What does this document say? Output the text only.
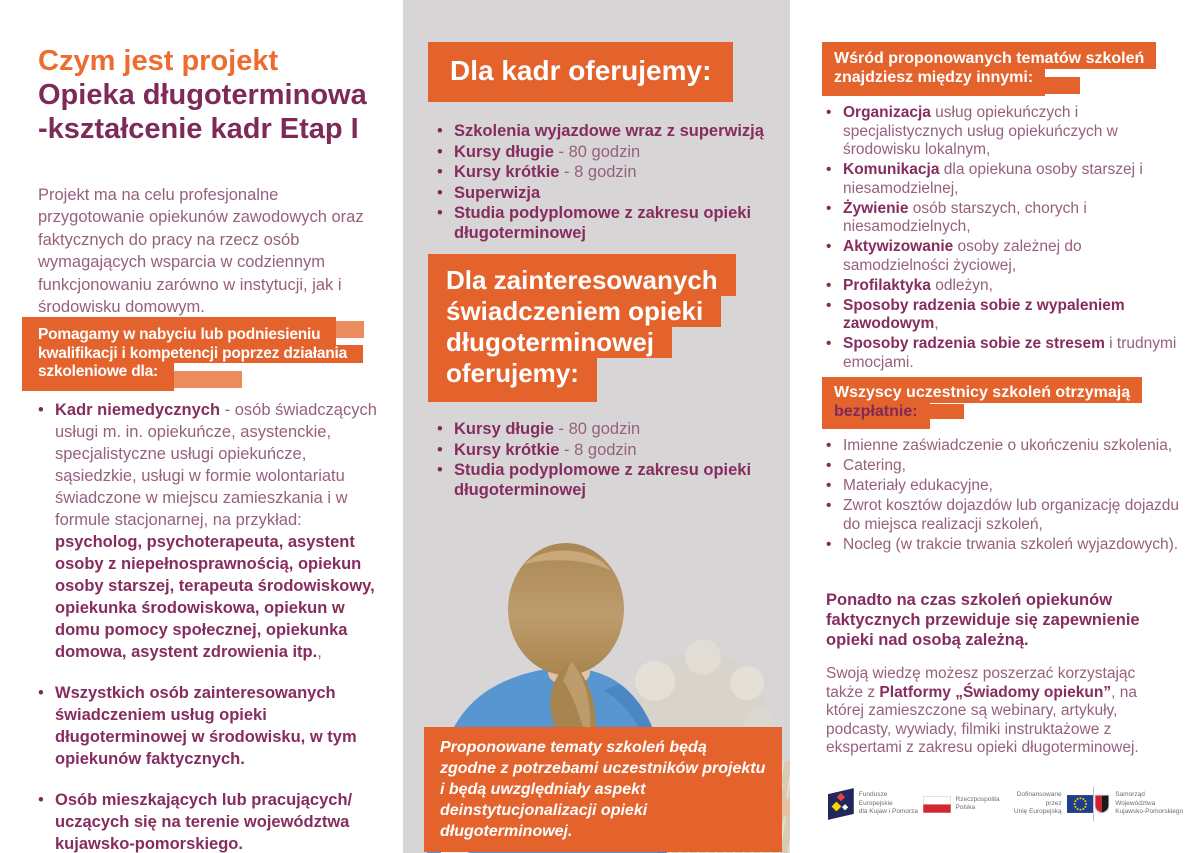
Czym jest projekt
Opieka długoterminowa
-kształcenie kadr Etap I

Projekt ma na celu profesjonalne przygotowanie opiekunów zawodowych oraz faktycznych do pracy na rzecz osób wymagających wsparcia w codziennym funkcjonowaniu zarówno w instytucji, jak i środowisku domowym.

Pomagamy w nabyciu lub podniesieniu
kwalifikacji i kompetencji poprzez działania
szkoleniowe dla:
• Kadr niemedycznych - osób świadczących usługi m. in. opiekuńcze, asystenckie, specjalistyczne usługi opiekuńcze, sąsiedzkie, usługi w formie wolontariatu świadczone w miejscu zamieszkania i w formule stacjonarnej, na przykład: psycholog, psychoterapeuta, asystent osoby z niepełnosprawnością, opiekun osoby starszej, terapeuta środowiskowy, opiekunka środowiskowa, opiekun w domu pomocy społecznej, opiekunka domowa, asystent zdrowienia itp.,
• Wszystkich osób zainteresowanych świadczeniem usług opieki długoterminowej w środowisku, w tym opiekunów faktycznych.
• Osób mieszkających lub pracujących/ uczących się na terenie województwa kujawsko-pomorskiego.
Dla kadr oferujemy:
• Szkolenia wyjazdowe wraz z superwizją
• Kursy długie - 80 godzin
• Kursy krótkie - 8 godzin
• Superwizja
• Studia podyplomowe z zakresu opieki długoterminowej
Dla zainteresowanych
świadczeniem opieki
długoterminowej
oferujemy:
• Kursy długie - 80 godzin
• Kursy krótkie - 8 godzin
• Studia podyplomowe z zakresu opieki długoterminowej
Proponowane tematy szkoleń będą zgodne z potrzebami uczestników projektu i będą uwzględniały aspekt deinstytucjonalizacji opieki długoterminowej.
Wśród proponowanych tematów szkoleń
znajdziesz między innymi:
• Organizacja usług opiekuńczych i specjalistycznych usług opiekuńczych w środowisku lokalnym,
• Komunikacja dla opiekuna osoby starszej i niesamodzielnej,
• Żywienie osób starszych, chorych i niesamodzielnych,
• Aktywizowanie osoby zależnej do samodzielności życiowej,
• Profilaktyka odleżyn,
• Sposoby radzenia sobie z wypaleniem zawodowym,
• Sposoby radzenia sobie ze stresem i trudnymi emocjami.
Wszyscy uczestnicy szkoleń otrzymają
bezpłatnie:
• Imienne zaświadczenie o ukończeniu szkolenia,
• Catering,
• Materiały edukacyjne,
• Zwrot kosztów dojazdów lub organizację dojazdu do miejsca realizacji szkoleń,
• Nocleg (w trakcie trwania szkoleń wyjazdowych).

Ponadto na czas szkoleń opiekunów faktycznych przewiduje się zapewnienie opieki nad osobą zależną.

Swoją wiedzę możesz poszerzać korzystając także z Platformy „Świadomy opiekun”, na której zamieszczone są webinary, artykuły, podcasty, wywiady, filmiki instruktażowe z ekspertami z zakresu opieki długoterminowej.

Fundusze Europejskie
dla Kujaw i Pomorza
Rzeczpospolita
Polska
Dofinansowane przez
Unię Europejską
Samorząd Województwa
Kujawsko-Pomorskiego
